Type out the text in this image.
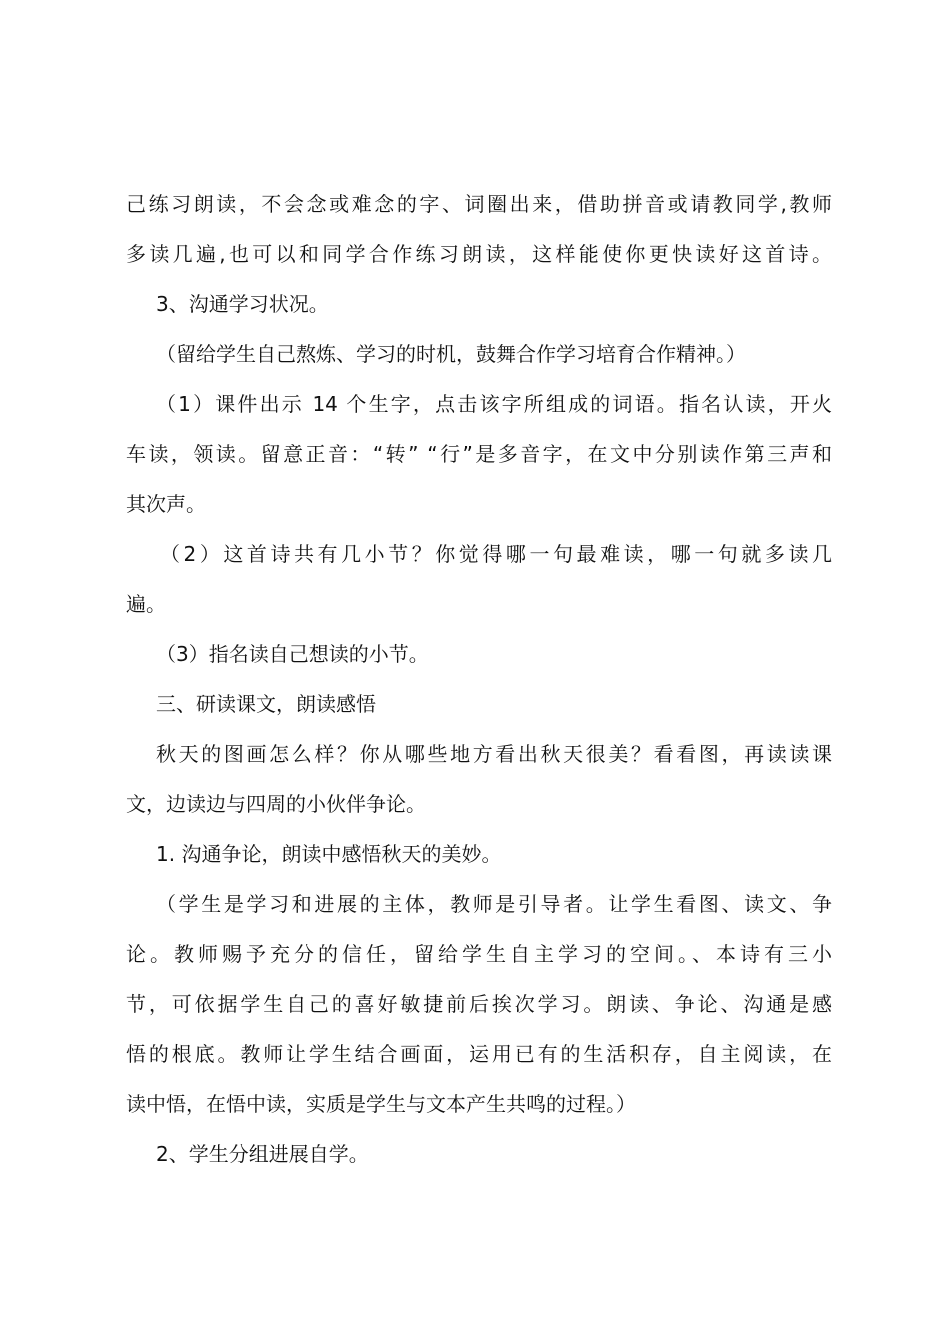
己练习朗读，不会念或难念的字、词圈出来，借助拼音或请教同学,教师
多读几遍,也可以和同学合作练习朗读，这样能使你更快读好这首诗。
3、沟通学习状况。
（留给学生自己熬炼、学习的时机，鼓舞合作学习培育合作精神。）
（1）课件出示 14 个生字，点击该字所组成的词语。指名认读，开火
车读，领读。留意正音：“转” “行”是多音字，在文中分别读作第三声和
其次声。
（2）这首诗共有几小节？你觉得哪一句最难读，哪一句就多读几
遍。
（3）指名读自己想读的小节。
三、研读课文，朗读感悟
秋天的图画怎么样？你从哪些地方看出秋天很美？看看图，再读读课
文，边读边与四周的小伙伴争论。
1. 沟通争论，朗读中感悟秋天的美妙。
（学生是学习和进展的主体，教师是引导者。让学生看图、读文、争
论。教师赐予充分的信任，留给学生自主学习的空间。、本诗有三小
节，可依据学生自己的喜好敏捷前后挨次学习。朗读、争论、沟通是感
悟的根底。教师让学生结合画面，运用已有的生活积存，自主阅读，在
读中悟，在悟中读，实质是学生与文本产生共鸣的过程。）
2、学生分组进展自学。
